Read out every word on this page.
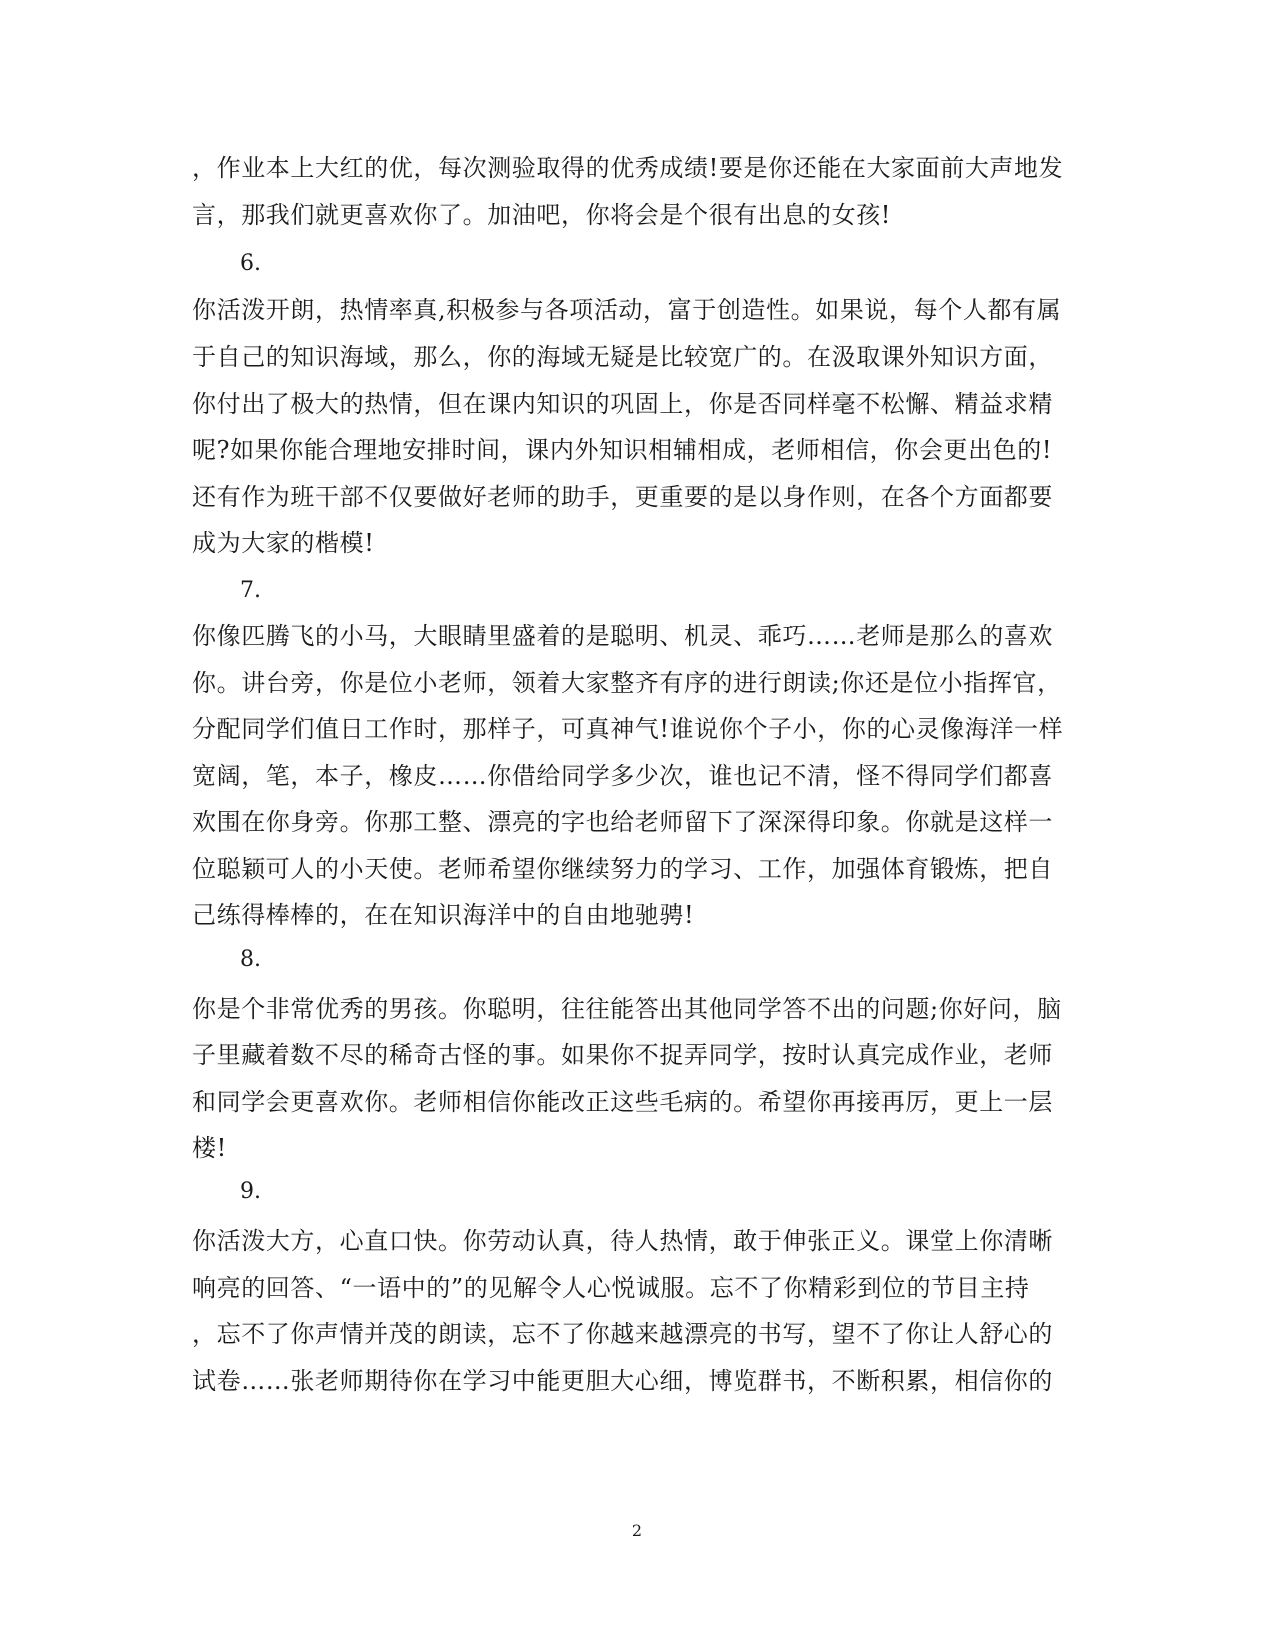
，作业本上大红的优，每次测验取得的优秀成绩!要是你还能在大家面前大声地发
言，那我们就更喜欢你了。加油吧，你将会是个很有出息的女孩!
6.
你活泼开朗，热情率真,积极参与各项活动，富于创造性。如果说，每个人都有属
于自己的知识海域，那么，你的海域无疑是比较宽广的。在汲取课外知识方面，
你付出了极大的热情，但在课内知识的巩固上，你是否同样毫不松懈、精益求精
呢?如果你能合理地安排时间，课内外知识相辅相成，老师相信，你会更出色的!
还有作为班干部不仅要做好老师的助手，更重要的是以身作则，在各个方面都要
成为大家的楷模!
7.
你像匹腾飞的小马，大眼睛里盛着的是聪明、机灵、乖巧……老师是那么的喜欢
你。讲台旁，你是位小老师，领着大家整齐有序的进行朗读;你还是位小指挥官，
分配同学们值日工作时，那样子，可真神气!谁说你个子小，你的心灵像海洋一样
宽阔，笔，本子，橡皮……你借给同学多少次，谁也记不清，怪不得同学们都喜
欢围在你身旁。你那工整、漂亮的字也给老师留下了深深得印象。你就是这样一
位聪颖可人的小天使。老师希望你继续努力的学习、工作，加强体育锻炼，把自
己练得棒棒的，在在知识海洋中的自由地驰骋!
8.
你是个非常优秀的男孩。你聪明，往往能答出其他同学答不出的问题;你好问，脑
子里藏着数不尽的稀奇古怪的事。如果你不捉弄同学，按时认真完成作业，老师
和同学会更喜欢你。老师相信你能改正这些毛病的。希望你再接再厉，更上一层
楼!
9.
你活泼大方，心直口快。你劳动认真，待人热情，敢于伸张正义。课堂上你清晰
响亮的回答、“一语中的”的见解令人心悦诚服。忘不了你精彩到位的节目主持
，忘不了你声情并茂的朗读，忘不了你越来越漂亮的书写，望不了你让人舒心的
试卷……张老师期待你在学习中能更胆大心细，博览群书，不断积累，相信你的
2
